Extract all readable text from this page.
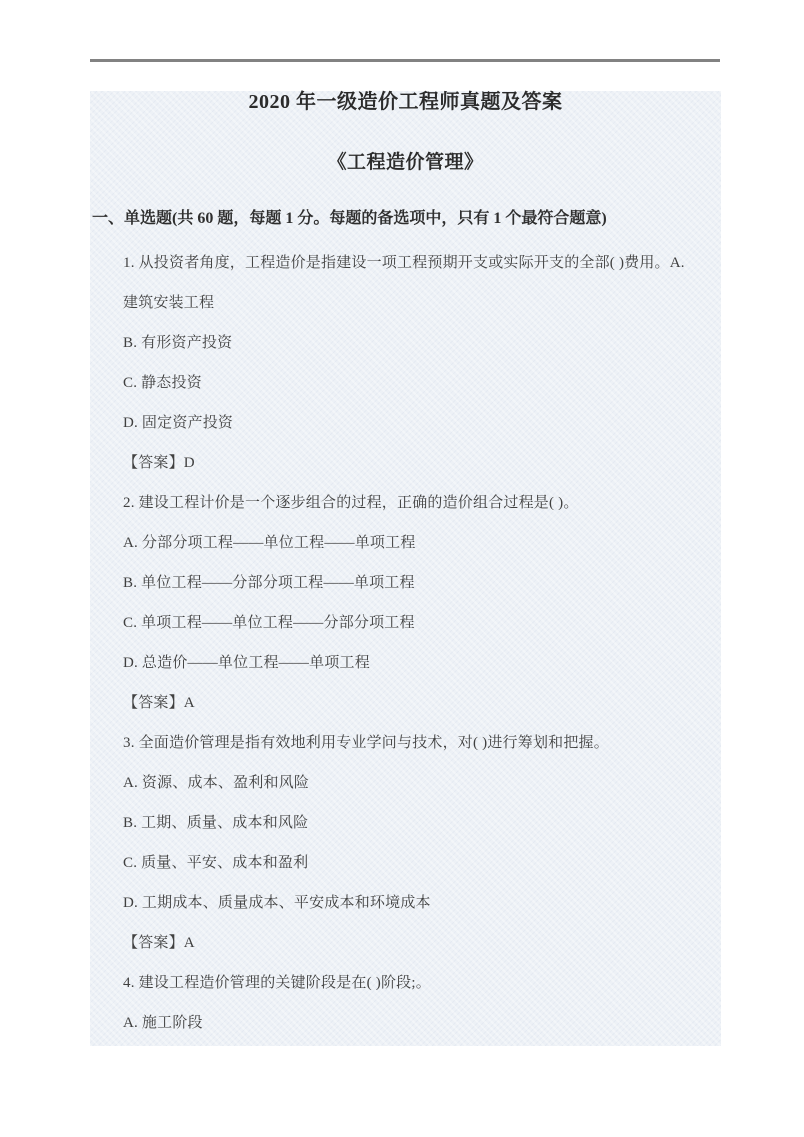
2020 年一级造价工程师真题及答案
《工程造价管理》
一、单选题(共 60 题，每题 1 分。每题的备选项中，只有 1 个最符合题意)
1. 从投资者角度，工程造价是指建设一项工程预期开支或实际开支的全部( )费用。A.
建筑安装工程
B. 有形资产投资
C. 静态投资
D. 固定资产投资
【答案】D
2. 建设工程计价是一个逐步组合的过程，正确的造价组合过程是( )。
A. 分部分项工程——单位工程——单项工程
B. 单位工程——分部分项工程——单项工程
C. 单项工程——单位工程——分部分项工程
D. 总造价——单位工程——单项工程
【答案】A
3. 全面造价管理是指有效地利用专业学问与技术，对( )进行筹划和把握。
A. 资源、成本、盈利和风险
B. 工期、质量、成本和风险
C. 质量、平安、成本和盈利
D. 工期成本、质量成本、平安成本和环境成本
【答案】A
4. 建设工程造价管理的关键阶段是在( )阶段;。
A. 施工阶段
